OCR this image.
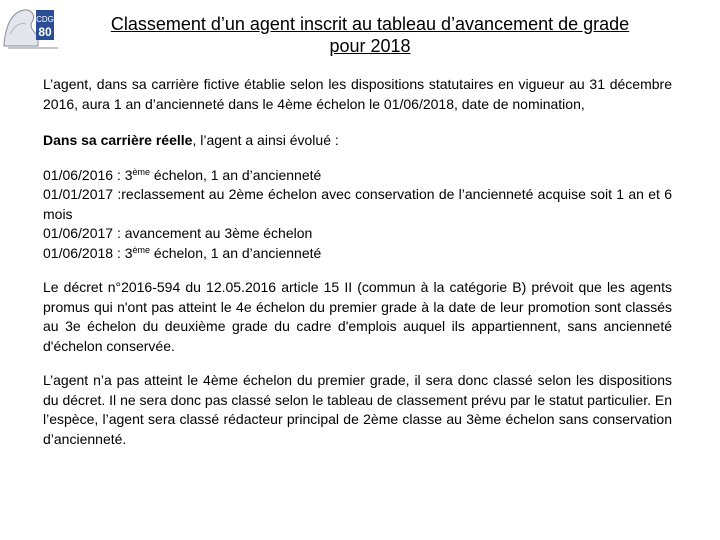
CDG
80	Classement d’un agent inscrit au tableau d’avancement de grade
pour 2018

L’agent, dans sa carrière fictive établie selon les dispositions statutaires en vigueur au 31 décembre 2016, aura 1 an d’ancienneté dans le 4ème échelon le 01/06/2018, date de nomination,

Dans sa carrière réelle, l’agent a ainsi évolué :

01/06/2016 : 3ème échelon, 1 an d’ancienneté

01/01/2017 :reclassement au 2ème échelon avec conservation de l’ancienneté acquise soit 1 an et 6 mois

01/06/2017 : avancement au 3ème échelon

01/06/2018 : 3ème échelon, 1 an d’ancienneté

Le décret n°2016-594 du 12.05.2016 article 15 II (commun à la catégorie B) prévoit que les agents promus qui n'ont pas atteint le 4e échelon du premier grade à la date de leur promotion sont classés au 3e échelon du deuxième grade du cadre d'emplois auquel ils appartiennent, sans ancienneté d'échelon conservée.

L’agent n’a pas atteint le 4ème échelon du premier grade, il sera donc classé selon les dispositions du décret. Il ne sera donc pas classé selon le tableau de classement prévu par le statut particulier. En l’espèce, l’agent sera classé rédacteur principal de 2ème classe au 3ème échelon sans conservation d’ancienneté.
